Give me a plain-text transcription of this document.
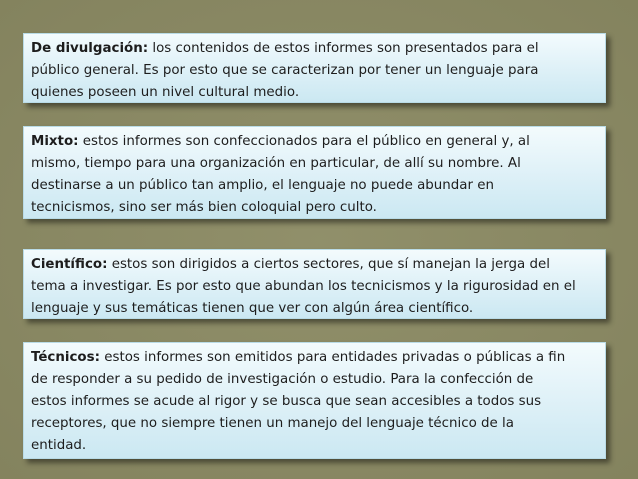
De divulgación: los contenidos de estos informes son presentados para el
público general. Es por esto que se caracterizan por tener un lenguaje para
quienes poseen un nivel cultural medio.
Mixto: estos informes son confeccionados para el público en general y, al
mismo, tiempo para una organización en particular, de allí su nombre. Al
destinarse a un público tan amplio, el lenguaje no puede abundar en
tecnicismos, sino ser más bien coloquial pero culto.
Científico: estos son dirigidos a ciertos sectores, que sí manejan la jerga del
tema a investigar. Es por esto que abundan los tecnicismos y la rigurosidad en el
lenguaje y sus temáticas tienen que ver con algún área científico.
Técnicos: estos informes son emitidos para entidades privadas o públicas a fin
de responder a su pedido de investigación o estudio. Para la confección de
estos informes se acude al rigor y se busca que sean accesibles a todos sus
receptores, que no siempre tienen un manejo del lenguaje técnico de la
entidad.
